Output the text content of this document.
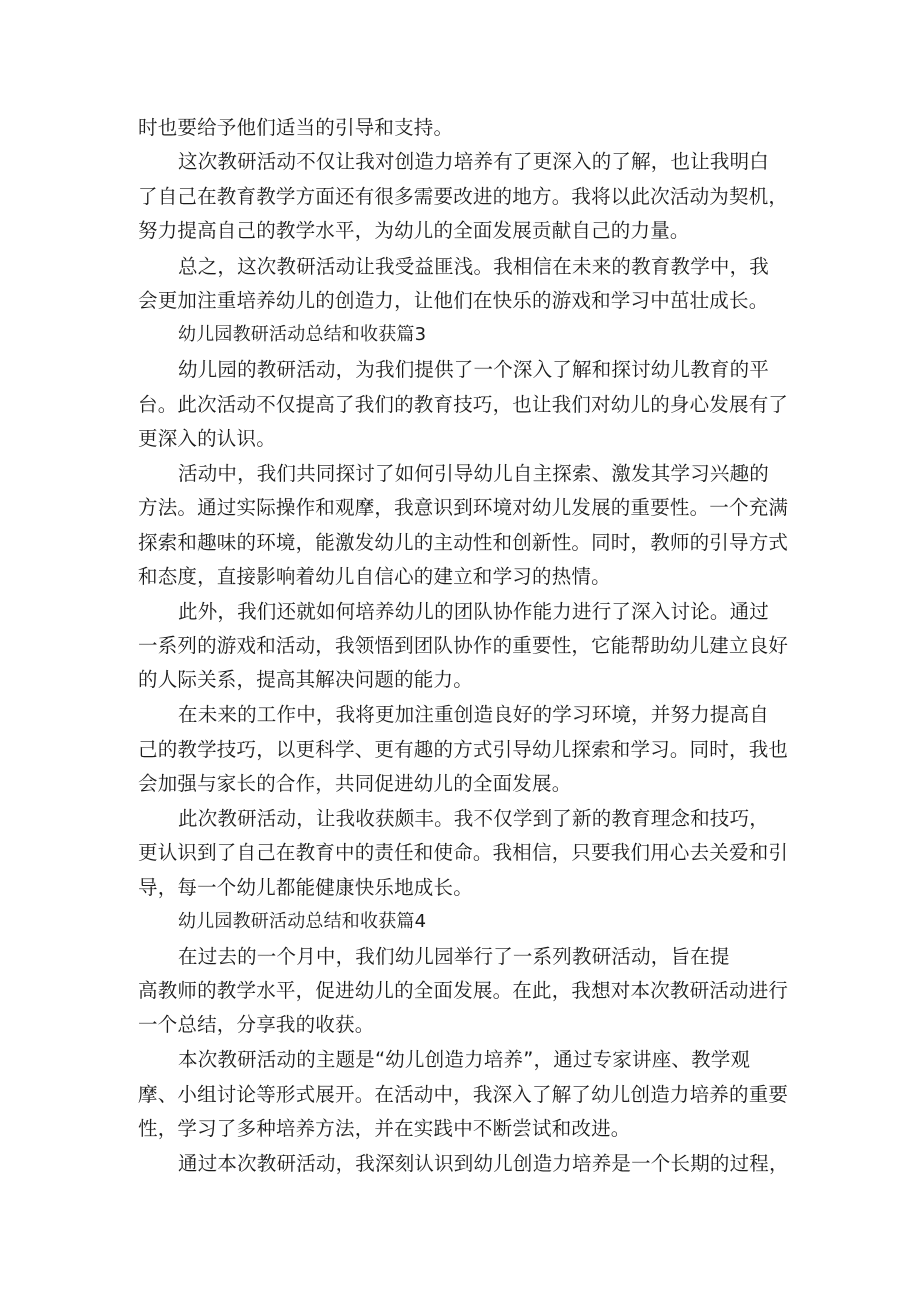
时也要给予他们适当的引导和支持。
这次教研活动不仅让我对创造力培养有了更深入的了解，也让我明白
了自己在教育教学方面还有很多需要改进的地方。我将以此次活动为契机，
努力提高自己的教学水平，为幼儿的全面发展贡献自己的力量。
总之，这次教研活动让我受益匪浅。我相信在未来的教育教学中，我
会更加注重培养幼儿的创造力，让他们在快乐的游戏和学习中茁壮成长。
幼儿园教研活动总结和收获篇3
幼儿园的教研活动，为我们提供了一个深入了解和探讨幼儿教育的平
台。此次活动不仅提高了我们的教育技巧，也让我们对幼儿的身心发展有了
更深入的认识。
活动中，我们共同探讨了如何引导幼儿自主探索、激发其学习兴趣的
方法。通过实际操作和观摩，我意识到环境对幼儿发展的重要性。一个充满
探索和趣味的环境，能激发幼儿的主动性和创新性。同时，教师的引导方式
和态度，直接影响着幼儿自信心的建立和学习的热情。
此外，我们还就如何培养幼儿的团队协作能力进行了深入讨论。通过
一系列的游戏和活动，我领悟到团队协作的重要性，它能帮助幼儿建立良好
的人际关系，提高其解决问题的能力。
在未来的工作中，我将更加注重创造良好的学习环境，并努力提高自
己的教学技巧，以更科学、更有趣的方式引导幼儿探索和学习。同时，我也
会加强与家长的合作，共同促进幼儿的全面发展。
此次教研活动，让我收获颇丰。我不仅学到了新的教育理念和技巧，
更认识到了自己在教育中的责任和使命。我相信，只要我们用心去关爱和引
导，每一个幼儿都能健康快乐地成长。
幼儿园教研活动总结和收获篇4
在过去的一个月中，我们幼儿园举行了一系列教研活动，旨在提
高教师的教学水平，促进幼儿的全面发展。在此，我想对本次教研活动进行
一个总结，分享我的收获。
本次教研活动的主题是“幼儿创造力培养”，通过专家讲座、教学观
摩、小组讨论等形式展开。在活动中，我深入了解了幼儿创造力培养的重要
性，学习了多种培养方法，并在实践中不断尝试和改进。
通过本次教研活动，我深刻认识到幼儿创造力培养是一个长期的过程，
